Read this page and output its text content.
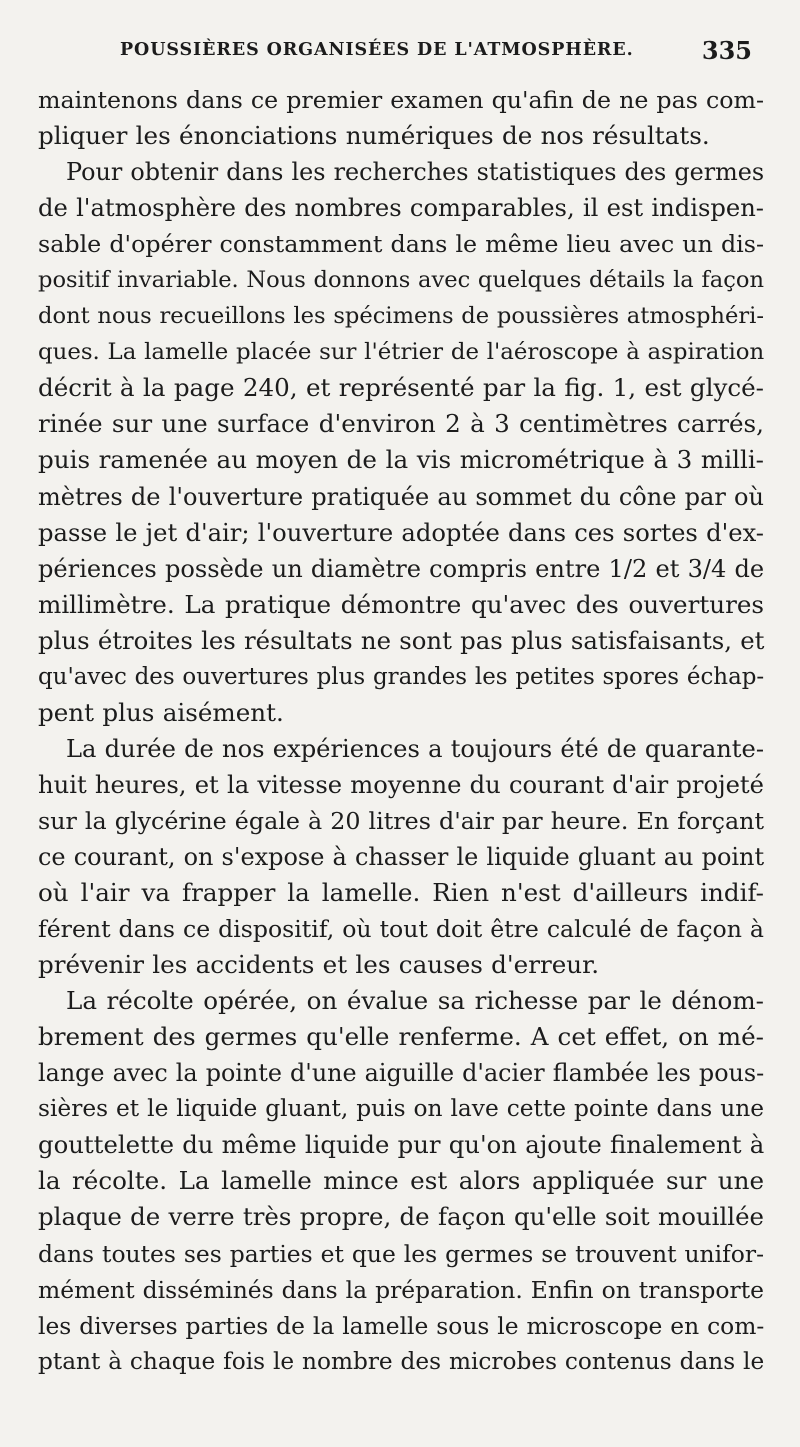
POUSSIÈRES ORGANISÉES DE L'ATMOSPHÈRE.	335
maintenons dans ce premier examen qu'afin de ne pas com-
pliquer les énonciations numériques de nos résultats.
Pour obtenir dans les recherches statistiques des germes
de l'atmosphère des nombres comparables, il est indispen-
sable d'opérer constamment dans le même lieu avec un dis-
positif invariable. Nous donnons avec quelques détails la façon
dont nous recueillons les spécimens de poussières atmosphéri-
ques. La lamelle placée sur l'étrier de l'aéroscope à aspiration
décrit à la page 240, et représenté par la fig. 1, est glycé-
rinée sur une surface d'environ 2 à 3 centimètres carrés,
puis ramenée au moyen de la vis micrométrique à 3 milli-
mètres de l'ouverture pratiquée au sommet du cône par où
passe le jet d'air; l'ouverture adoptée dans ces sortes d'ex-
périences possède un diamètre compris entre 1/2 et 3/4 de
millimètre. La pratique démontre qu'avec des ouvertures
plus étroites les résultats ne sont pas plus satisfaisants, et
qu'avec des ouvertures plus grandes les petites spores échap-
pent plus aisément.
La durée de nos expériences a toujours été de quarante-
huit heures, et la vitesse moyenne du courant d'air projeté
sur la glycérine égale à 20 litres d'air par heure. En forçant
ce courant, on s'expose à chasser le liquide gluant au point
où l'air va frapper la lamelle. Rien n'est d'ailleurs indif-
férent dans ce dispositif, où tout doit être calculé de façon à
prévenir les accidents et les causes d'erreur.
La récolte opérée, on évalue sa richesse par le dénom-
brement des germes qu'elle renferme. A cet effet, on mé-
lange avec la pointe d'une aiguille d'acier flambée les pous-
sières et le liquide gluant, puis on lave cette pointe dans une
gouttelette du même liquide pur qu'on ajoute finalement à
la récolte. La lamelle mince est alors appliquée sur une
plaque de verre très propre, de façon qu'elle soit mouillée
dans toutes ses parties et que les germes se trouvent unifor-
mément disséminés dans la préparation. Enfin on transporte
les diverses parties de la lamelle sous le microscope en com-
ptant à chaque fois le nombre des microbes contenus dans le
